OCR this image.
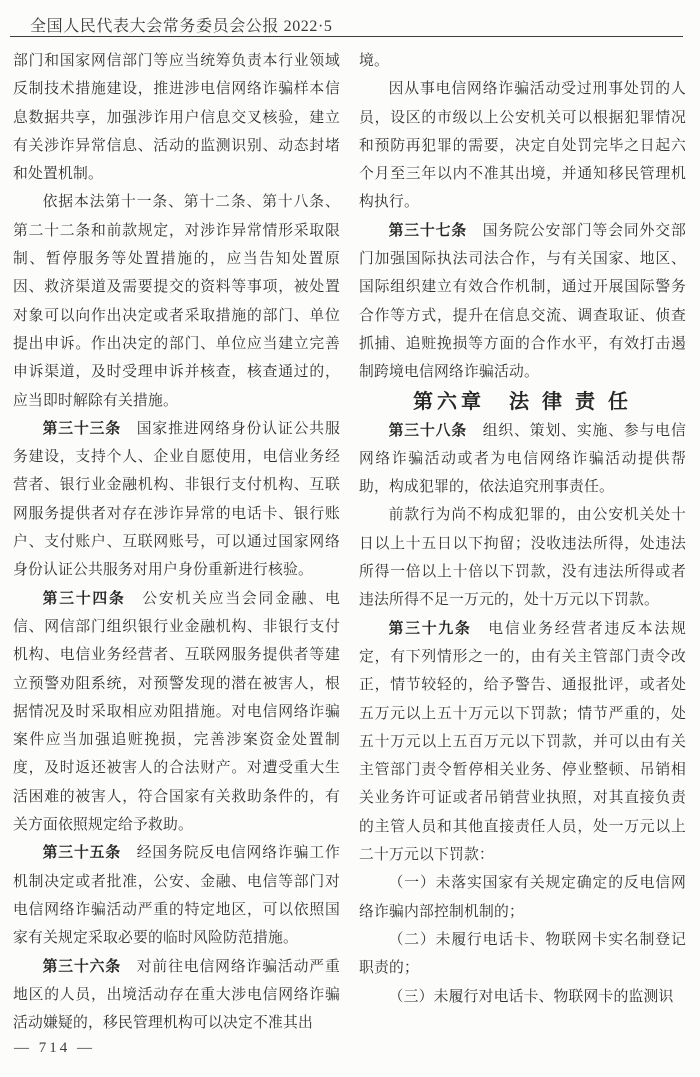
全国人民代表大会常务委员会公报 2022·5

部门和国家网信部门等应当统筹负责本行业领域反制技术措施建设，推进涉电信网络诈骗样本信息数据共享，加强涉诈用户信息交叉核验，建立有关涉诈异常信息、活动的监测识别、动态封堵和处置机制。

依据本法第十一条、第十二条、第十八条、第二十二条和前款规定，对涉诈异常情形采取限制、暂停服务等处置措施的，应当告知处置原因、救济渠道及需要提交的资料等事项，被处置对象可以向作出决定或者采取措施的部门、单位提出申诉。作出决定的部门、单位应当建立完善申诉渠道，及时受理申诉并核查，核查通过的，应当即时解除有关措施。

第三十三条　国家推进网络身份认证公共服务建设，支持个人、企业自愿使用，电信业务经营者、银行业金融机构、非银行支付机构、互联网服务提供者对存在涉诈异常的电话卡、银行账户、支付账户、互联网账号，可以通过国家网络身份认证公共服务对用户身份重新进行核验。

第三十四条　公安机关应当会同金融、电信、网信部门组织银行业金融机构、非银行支付机构、电信业务经营者、互联网服务提供者等建立预警劝阻系统，对预警发现的潜在被害人，根据情况及时采取相应劝阻措施。对电信网络诈骗案件应当加强追赃挽损，完善涉案资金处置制度，及时返还被害人的合法财产。对遭受重大生活困难的被害人，符合国家有关救助条件的，有关方面依照规定给予救助。

第三十五条　经国务院反电信网络诈骗工作机制决定或者批准，公安、金融、电信等部门对电信网络诈骗活动严重的特定地区，可以依照国家有关规定采取必要的临时风险防范措施。

第三十六条　对前往电信网络诈骗活动严重地区的人员，出境活动存在重大涉电信网络诈骗活动嫌疑的，移民管理机构可以决定不准其出

境。

因从事电信网络诈骗活动受过刑事处罚的人员，设区的市级以上公安机关可以根据犯罪情况和预防再犯罪的需要，决定自处罚完毕之日起六个月至三年以内不准其出境，并通知移民管理机构执行。

第三十七条　国务院公安部门等会同外交部门加强国际执法司法合作，与有关国家、地区、国际组织建立有效合作机制，通过开展国际警务合作等方式，提升在信息交流、调查取证、侦查抓捕、追赃挽损等方面的合作水平，有效打击遏制跨境电信网络诈骗活动。

第六章　法 律 责 任

第三十八条　组织、策划、实施、参与电信网络诈骗活动或者为电信网络诈骗活动提供帮助，构成犯罪的，依法追究刑事责任。

前款行为尚不构成犯罪的，由公安机关处十日以上十五日以下拘留；没收违法所得，处违法所得一倍以上十倍以下罚款，没有违法所得或者违法所得不足一万元的，处十万元以下罚款。

第三十九条　电信业务经营者违反本法规定，有下列情形之一的，由有关主管部门责令改正，情节较轻的，给予警告、通报批评，或者处五万元以上五十万元以下罚款；情节严重的，处五十万元以上五百万元以下罚款，并可以由有关主管部门责令暂停相关业务、停业整顿、吊销相关业务许可证或者吊销营业执照，对其直接负责的主管人员和其他直接责任人员，处一万元以上二十万元以下罚款：

（一）未落实国家有关规定确定的反电信网络诈骗内部控制机制的；

（二）未履行电话卡、物联网卡实名制登记职责的；

（三）未履行对电话卡、物联网卡的监测识

— 714 —
